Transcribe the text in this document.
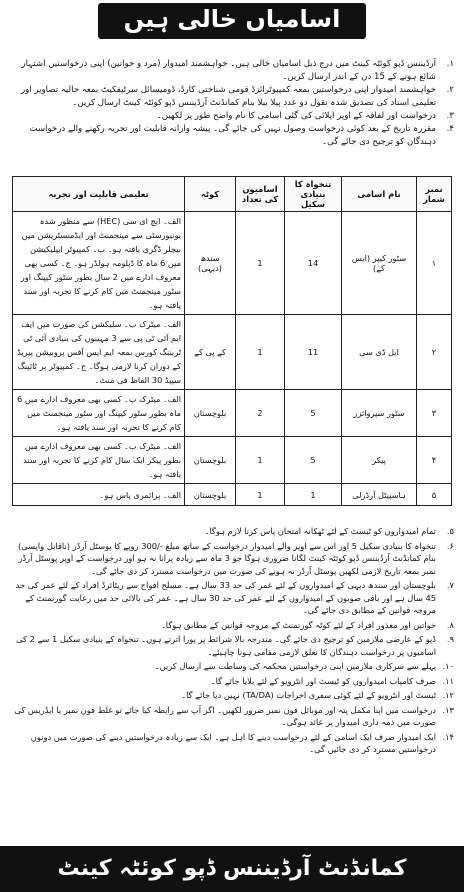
اسامیاں خالی ہیں
۱.
آرڈیننس ڈپو کوئٹہ کینٹ میں درج ذیل اسامیاں خالی ہیں۔ خواہشمند امیدوار (مرد و خواتین) اپنی درخواستیں اشتہار شائع ہونے کے 15 دن کے اندر ارسال کریں۔
۲.
خواہشمند امیدوار اپنی درخواستیں بمعہ کمپیوٹرائزڈ قومی شناختی کارڈ، ڈومیسائل سرٹیفکیٹ بمعہ حالیہ تصاویر اور تعلیمی اسناد کی تصدیق شدہ نقول دو عدد پیلا بیلا بنام کمانڈنٹ آرڈیننس ڈپو کوئٹہ کینٹ ارسال کریں۔
۳.
درخواست اور لفافہ کے اوپر اپلائی کی گئی اسامی کا نام واضح طور پر لکھیں۔
۴.
مقررہ تاریخ کے بعد کوئی درخواست وصول نہیں کی جائے گی۔ پیشہ وارانہ قابلیت اور تجربہ رکھنے والے درخواست دہندگان کو ترجیح دی جائے گی۔
نمبر شمار	نام اسامی	تنخواہ کا بنیادی سکیل	اسامیوں کی تعداد	کوٹہ	تعلیمی قابلیت اور تجربہ
۱	سٹور کیپر (ایس کے)	14	1	سندھ (دیہی)	الف۔ ایچ ای سی (HEC) سے منظور شدہ یونیورسٹی سے مینجمنٹ اور ایڈمنسٹریشن میں بیچلر ڈگری یافتہ ہو۔ ب۔ کمپیوٹر ایپلیکیشن میں 6 ماہ کا ڈپلومہ ہولڈر ہو۔ ج۔ کسی بھی معروف ادارے میں 2 سال بطور سٹور کیپنگ اور سٹور مینجمنٹ میں کام کرنے کا تجربہ اور سند یافتہ ہو۔
۲	ایل ڈی سی	11	1	کے پی کے	الف۔ میٹرک ب۔ سلیکشن کی صورت میں ایف ایم آئی ٹی پی سے 3 مہینوں کی بنیادی آئی ٹی ٹریننگ کورس بمعہ ایم ایس آفس پروبیشن پیریڈ کے دوران کرنا لازمی ہوگا۔ ج۔ کمپیوٹر پر ٹائپنگ سپیڈ 30 الفاظ فی منٹ۔
۳	سٹور سپروائزر	5	2	بلوچستان	الف۔ میٹرک ب۔ کسی بھی معروف ادارے میں 6 ماہ بطور سٹور کیپنگ اور سٹور مینجمنٹ میں کام کرنے کا تجربہ اور سند یافتہ ہو۔
۴	پیکر	5	1	بلوچستان	الف۔ میٹرک ب۔ کسی بھی معروف ادارے میں بطور پیکر ایک سال کام کرنے کا تجربہ اور سند یافتہ ہو۔
۵	ہاسپیٹل آرڈرلی	1	1	بلوچستان	الف۔ پرائمری پاس ہو۔
۵.
تمام امیدواروں کو ٹیسٹ کے لئے ٹھکانہ امتحان پاس کرنا لازم ہوگا۔
۶.
تنخواہ کا بنیادی سکیل 5 اور اس سے اوپر والے امیدوار درخواست کے ساتھ مبلغ -/300 روپے کا پوسٹل آرڈر (ناقابل واپسی) بنام کمانڈنٹ آرڈیننس ڈپو کوئٹہ کینٹ لگانا ضروری ہوگا جو 3 ماہ سے زیادہ پرانا نہ ہو اور درخواست کے اوپر پوسٹل آرڈر نمبر بمعہ تاریخ لازمی لکھیں پوسٹل آرڈر نہ ہونے کی صورت میں درخواست مسترد کر دی جائے گی۔
۷.
بلوچستان اور سندھ دیہی کے امیدواروں کے لئے عمر کی حد 33 سال ہے۔ مسلح افواج سے ریٹائرڈ افراد کے لئے عمر کی حد 45 سال ہے اور باقی صوبوں کے امیدواروں کے لئے عمر کی حد 30 سال ہے۔ عمر کی بالائی حد میں رعایت گورنمنٹ کے مروجہ قوانین کے مطابق دی جائے گی۔
۸.
خواتین اور معذور افراد کے لئے کوٹہ گورنمنٹ کے مروجہ قوانین کے مطابق ہوگا۔
۹.
ڈپو کے عارضی ملازمین کو ترجیح دی جائے گی۔ مندرجہ بالا شرائط پر پورا اترتے ہوں۔ تنخواہ کے بنیادی سکیل 1 سے 2 کی اسامیوں پر درخواست دہندگان کا تعلق لازمی مقامی ہونا چاہیئے۔
۱۰.
پہلے سے سرکاری ملازمین اپنی درخواستیں محکمہ کی وساطت سے ارسال کریں۔
۱۱.
صرف کامیاب امیدواروں کو ٹیسٹ اور انٹرویو کے لئے بلایا جائے گا۔
۱۲.
ٹیسٹ اور انٹرویو کے لئے کوئی سفری اخراجات (TA/DA) نہیں دیا جائے گا۔
۱۳.
درخواست میں اپنا مکمل پتہ اور موبائل فون نمبر ضرور لکھیں۔ اگر آپ سے رابطہ کیا جائے تو غلط فون نمبر یا ایڈریس کی صورت میں ذمہ داری امیدوار پر عائد ہوگی۔
۱۴.
ایک امیدوار صرف ایک اسامی کے لئے درخواست دینے کا اہل ہے۔ ایک سے زیادہ درخواستیں دینے کی صورت میں دونوں درخواستیں مسترد کر دی جائیں گی۔
کمانڈنٹ آرڈیننس ڈپو کوئٹہ کینٹ
